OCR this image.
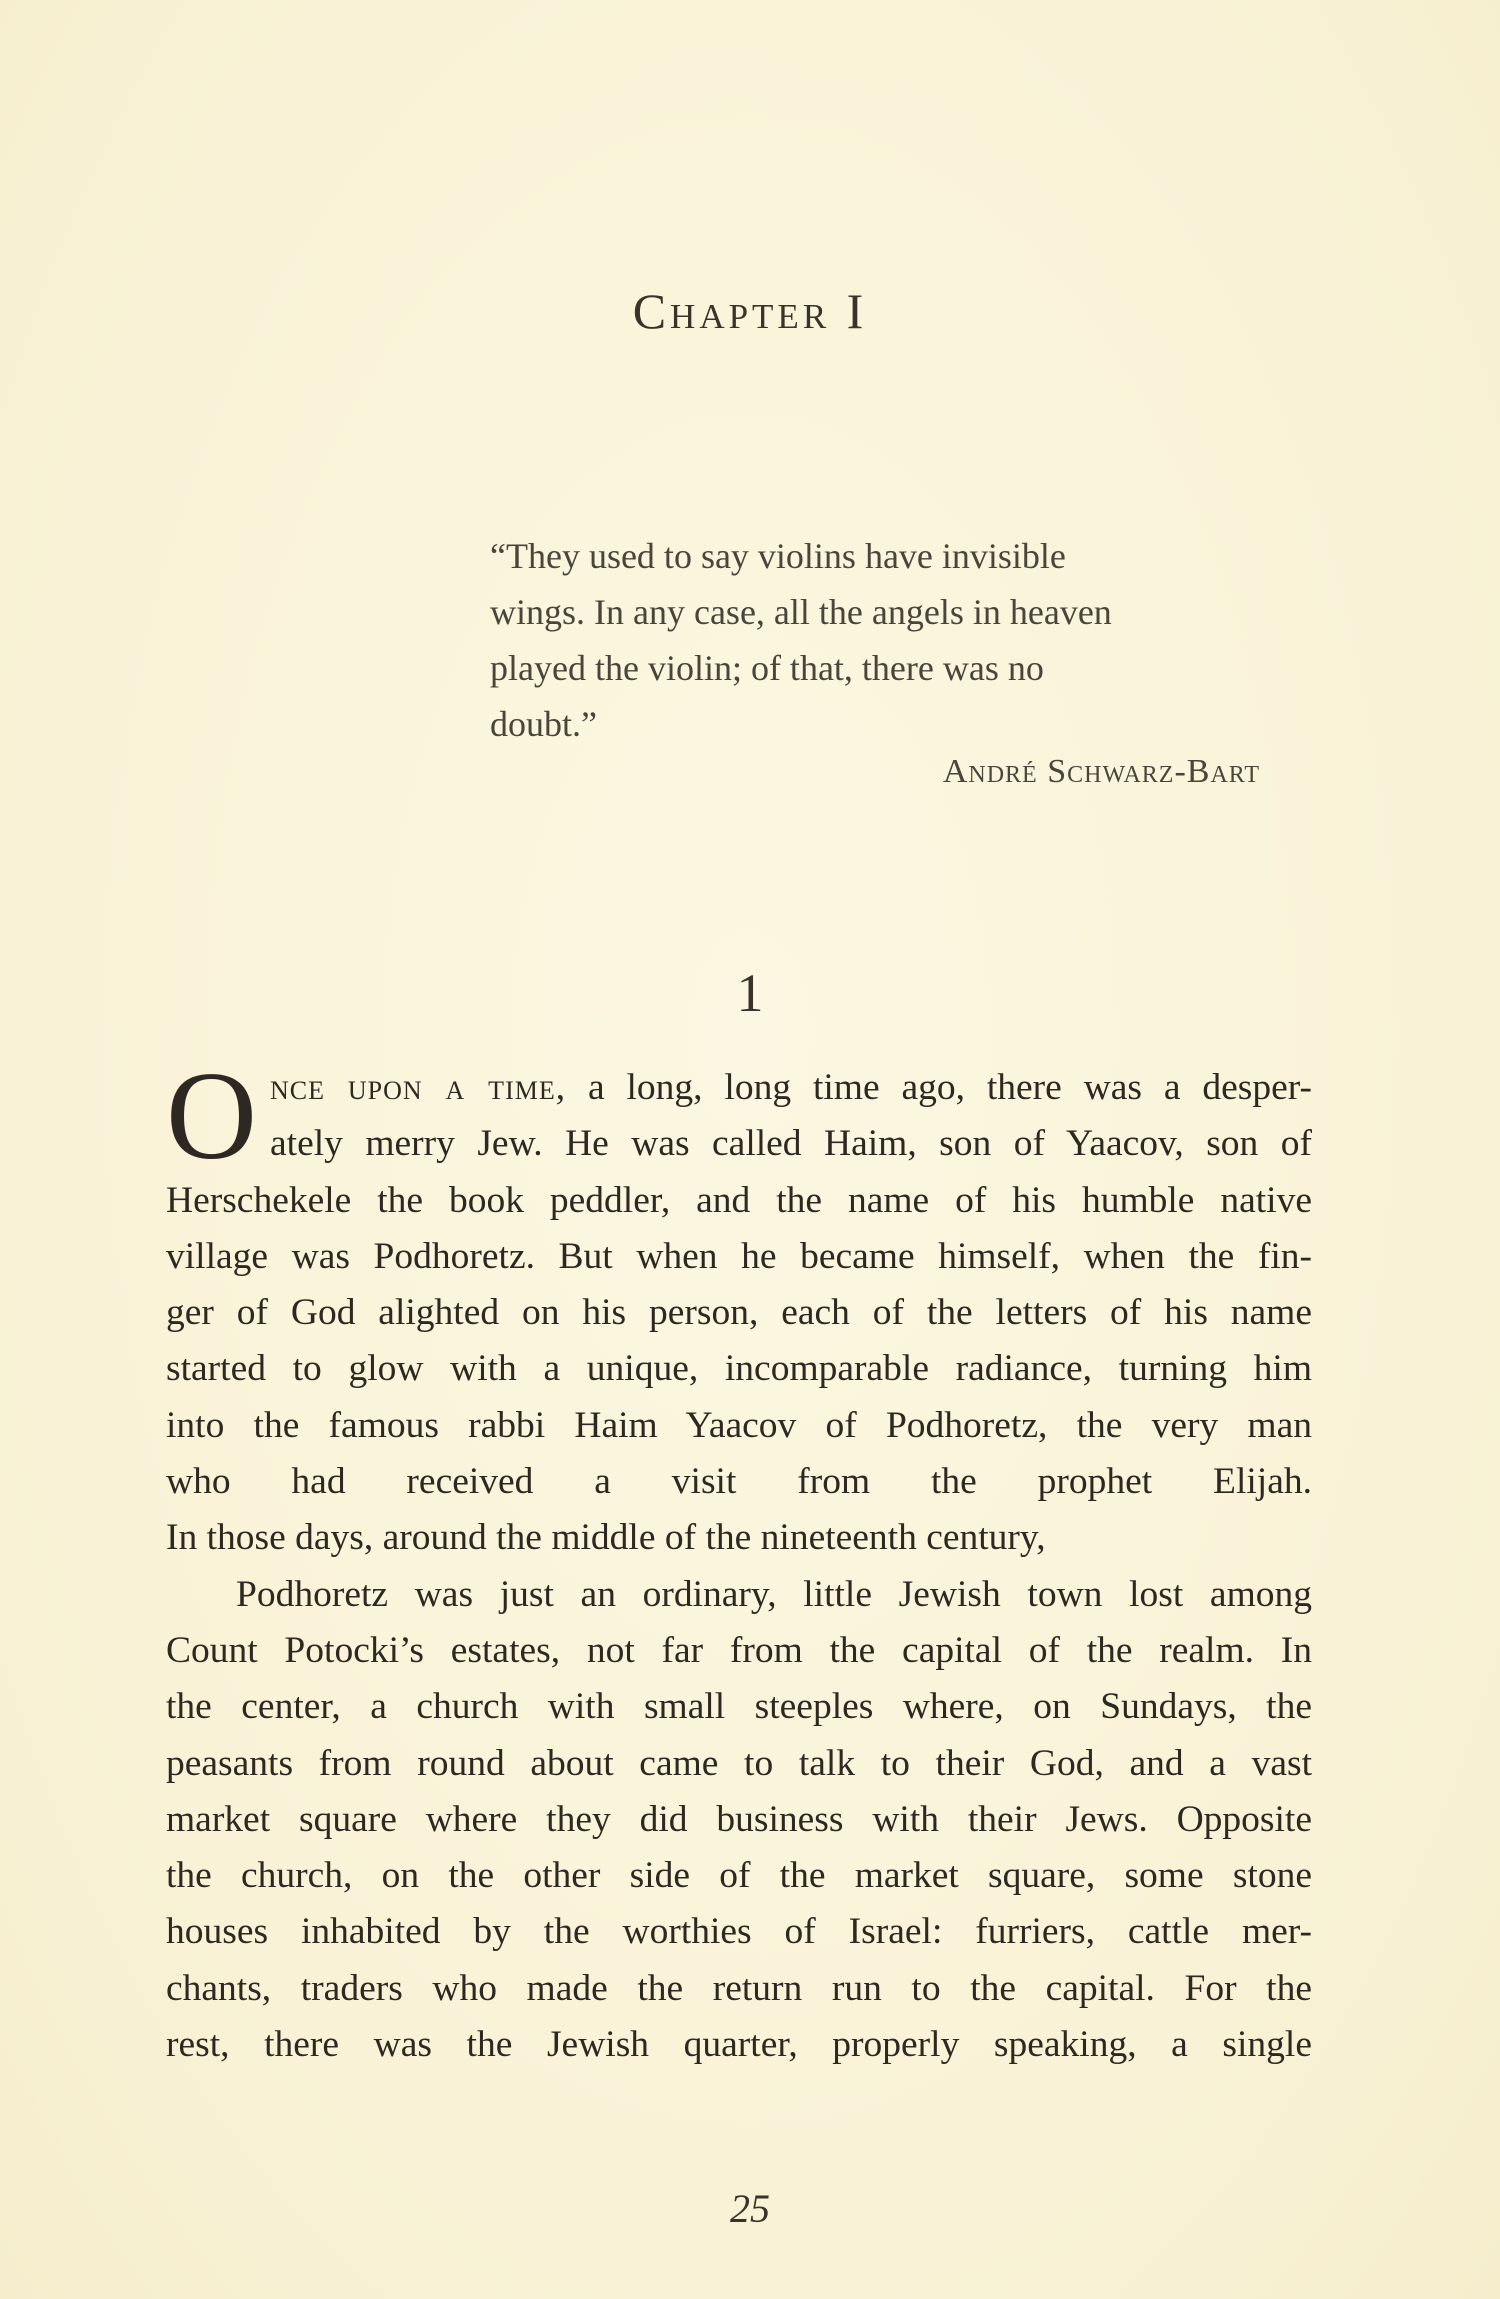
Chapter I
“They used to say violins have invisible
wings. In any case, all the angels in heaven
played the violin; of that, there was no
doubt.”
André Schwarz-Bart
1
O nce upon a time, a long, long time ago, there was a desper-
ately merry Jew. He was called Haim, son of Yaacov, son of
Herschekele the book peddler, and the name of his humble native
village was Podhoretz. But when he became himself, when the fin-
ger of God alighted on his person, each of the letters of his name
started to glow with a unique, incomparable radiance, turning him
into the famous rabbi Haim Yaacov of Podhoretz, the very man
who had received a visit from the prophet Elijah.
In those days, around the middle of the nineteenth century,
Podhoretz was just an ordinary, little Jewish town lost among
Count Potocki’s estates, not far from the capital of the realm. In
the center, a church with small steeples where, on Sundays, the
peasants from round about came to talk to their God, and a vast
market square where they did business with their Jews. Opposite
the church, on the other side of the market square, some stone
houses inhabited by the worthies of Israel: furriers, cattle mer-
chants, traders who made the return run to the capital. For the
rest, there was the Jewish quarter, properly speaking, a single
25
